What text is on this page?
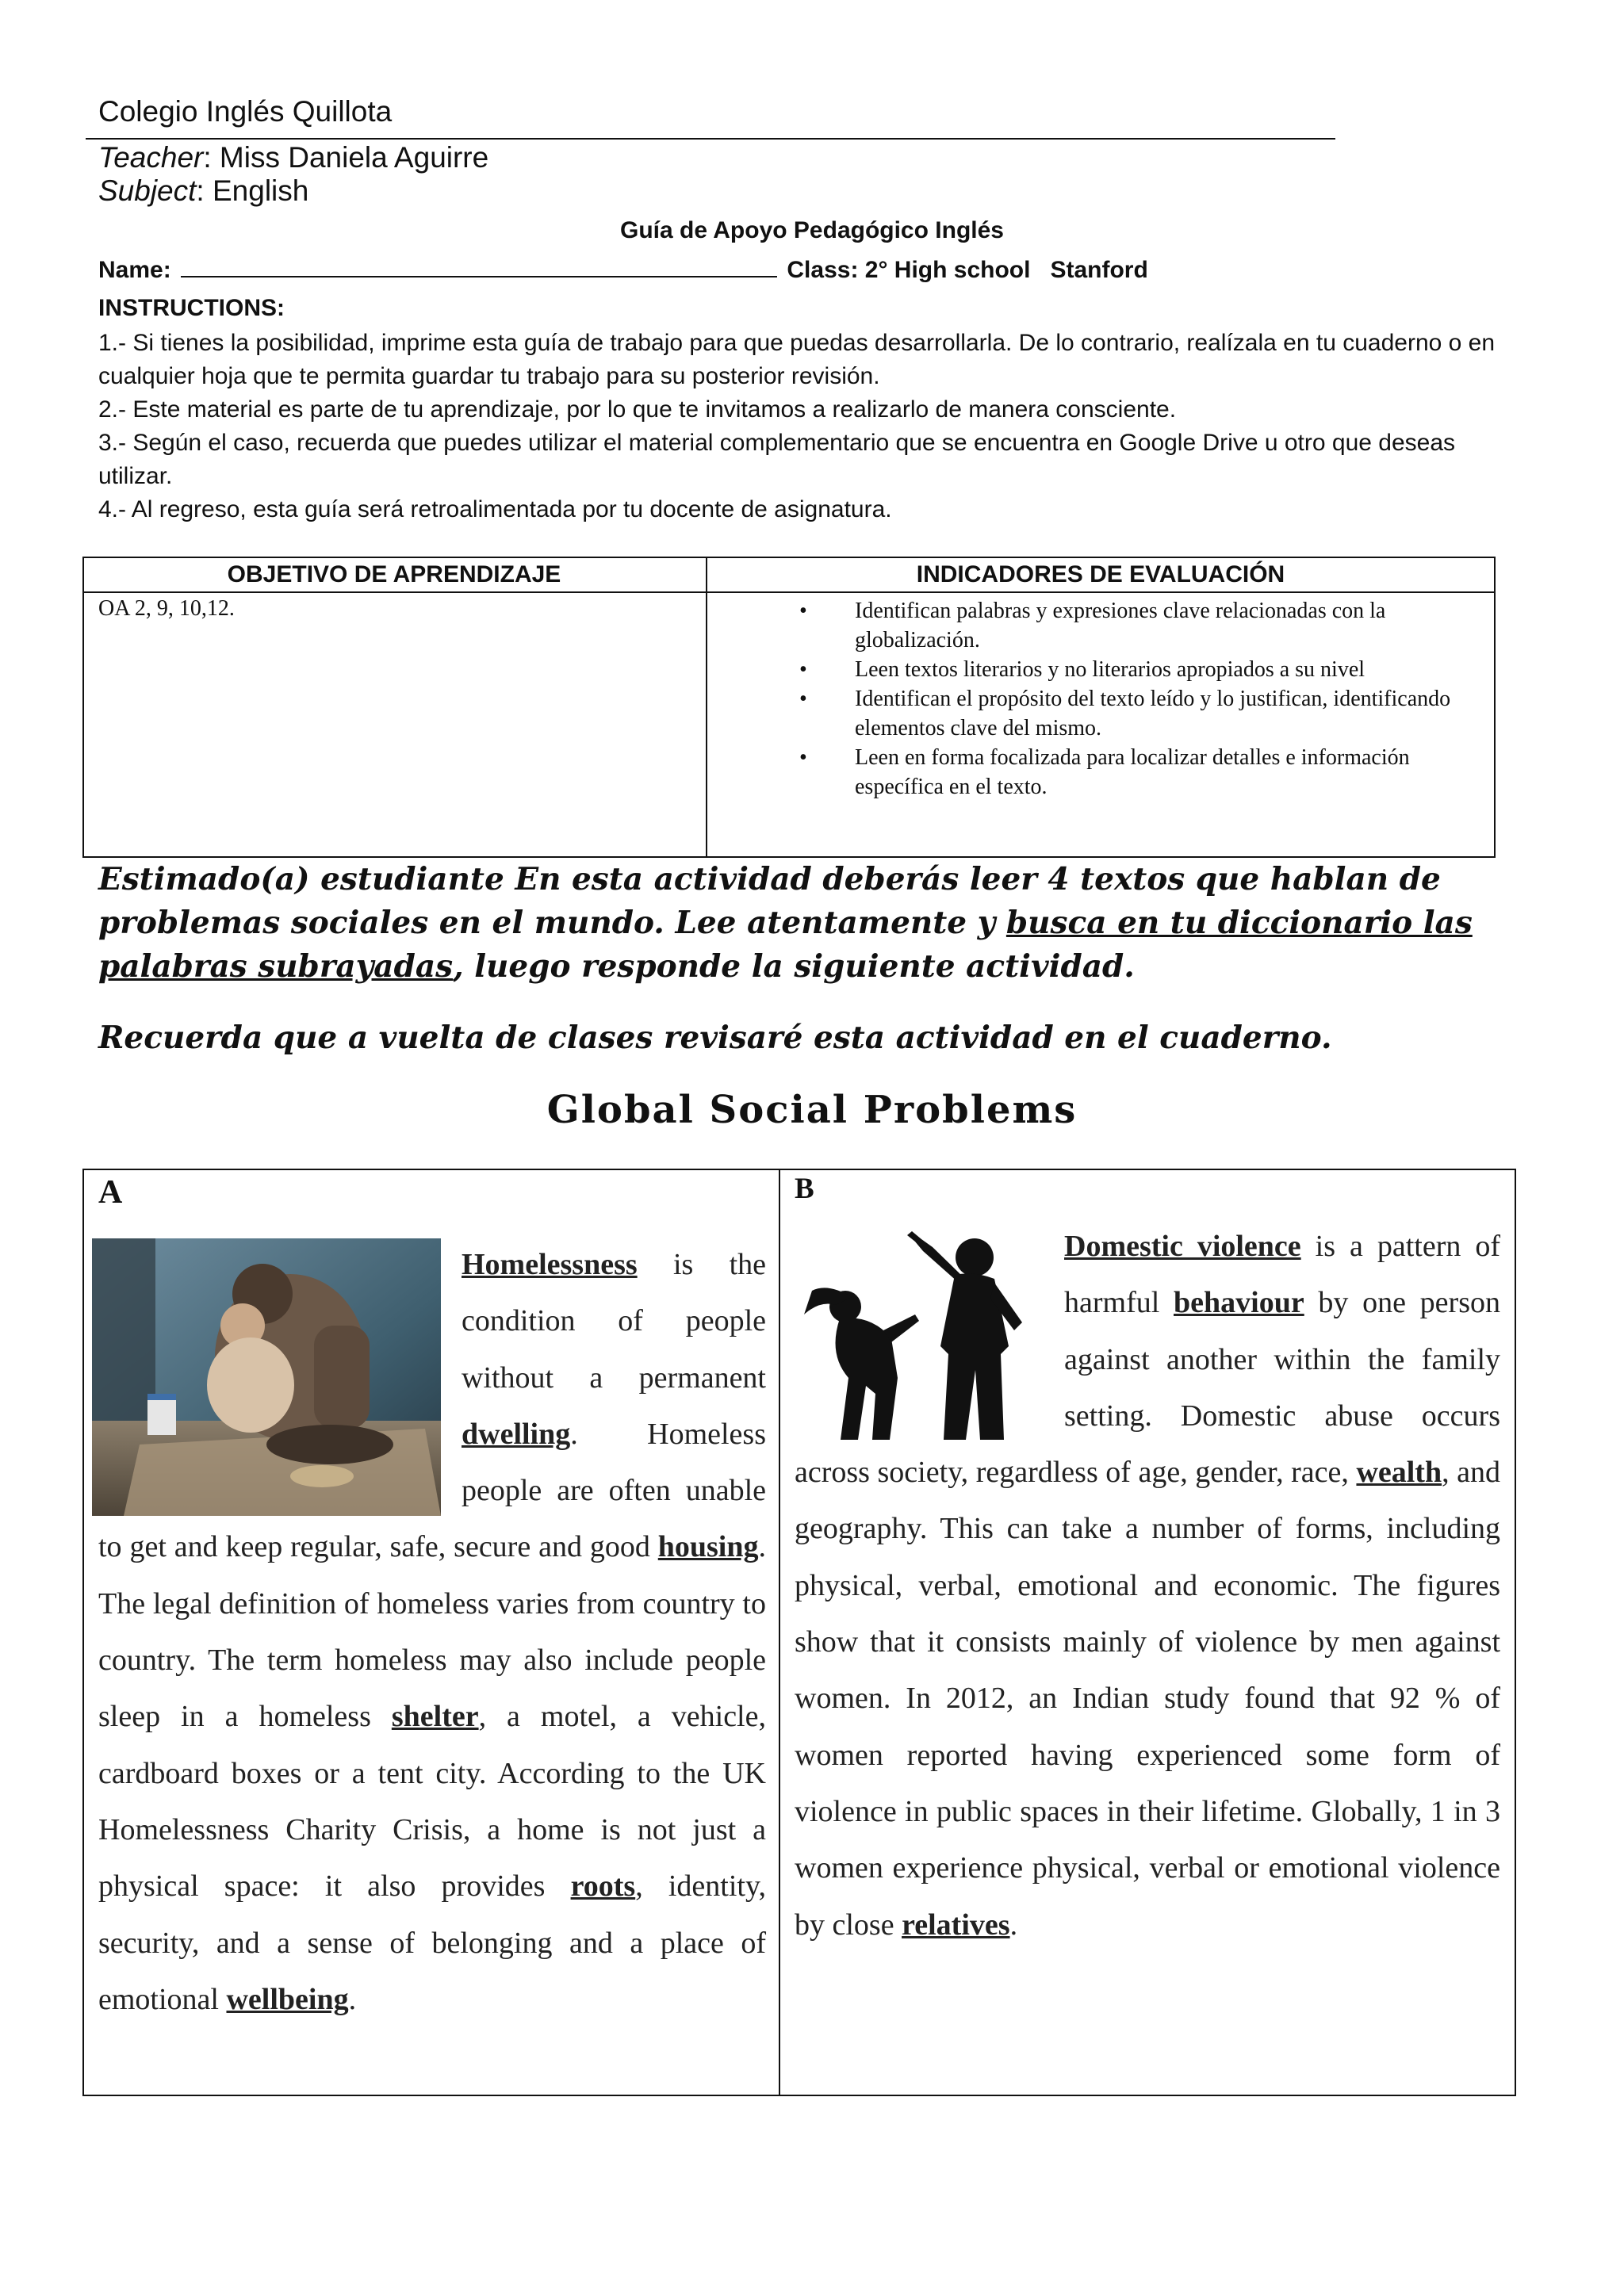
Colegio Inglés Quillota
Teacher: Miss Daniela Aguirre
Subject: English
Guía de Apoyo Pedagógico Inglés
Name:	Class: 2° High school   Stanford
INSTRUCTIONS:

1.- Si tienes la posibilidad, imprime esta guía de trabajo para que puedas desarrollarla. De lo contrario, realízala en tu cuaderno o en cualquier hoja que te permita guardar tu trabajo para su posterior revisión.

2.- Este material es parte de tu aprendizaje, por lo que te invitamos a realizarlo de manera consciente.

3.- Según el caso, recuerda que puedes utilizar el material complementario que se encuentra en Google Drive u otro que deseas utilizar.

4.- Al regreso, esta guía será retroalimentada por tu docente de asignatura.

OBJETIVO DE APRENDIZAJE	INDICADORES DE EVALUACIÓN
OA 2, 9, 10,12.
•	Identifican palabras y expresiones clave relacionadas con la globalización.
• Leen textos literarios y no literarios apropiados a su nivel
• Identifican el propósito del texto leído y lo justifican, identificando elementos clave del mismo.
• Leen en forma focalizada para localizar detalles e información específica en el texto.
Estimado(a) estudiante En esta actividad deberás leer 4 textos que hablan de problemas sociales en el mundo. Lee atentamente y busca en tu diccionario las palabras subrayadas, luego responde la siguiente actividad.
Recuerda que a vuelta de clases revisaré esta actividad en el cuaderno.
Global Social Problems
A	B
Homelessness is the condition of people without a permanent dwelling. Homeless people are often unable to get and keep regular, safe, secure and good housing. The legal definition of homeless varies from country to country. The term homeless may also include people sleep in a homeless shelter, a motel, a vehicle, cardboard boxes or a tent city. According to the UK Homelessness Charity Crisis, a home is not just a physical space: it also provides roots, identity, security, and a sense of belonging and a place of emotional wellbeing.
Domestic violence is a pattern of harmful behaviour by one person against another within the family setting. Domestic abuse occurs across society, regardless of age, gender, race, wealth, and geography. This can take a number of forms, including physical, verbal, emotional and economic. The figures show that it consists mainly of violence by men against women. In 2012, an Indian study found that 92 % of women reported having experienced some form of violence in public spaces in their lifetime. Globally, 1 in 3 women experience physical, verbal or emotional violence by close relatives.
